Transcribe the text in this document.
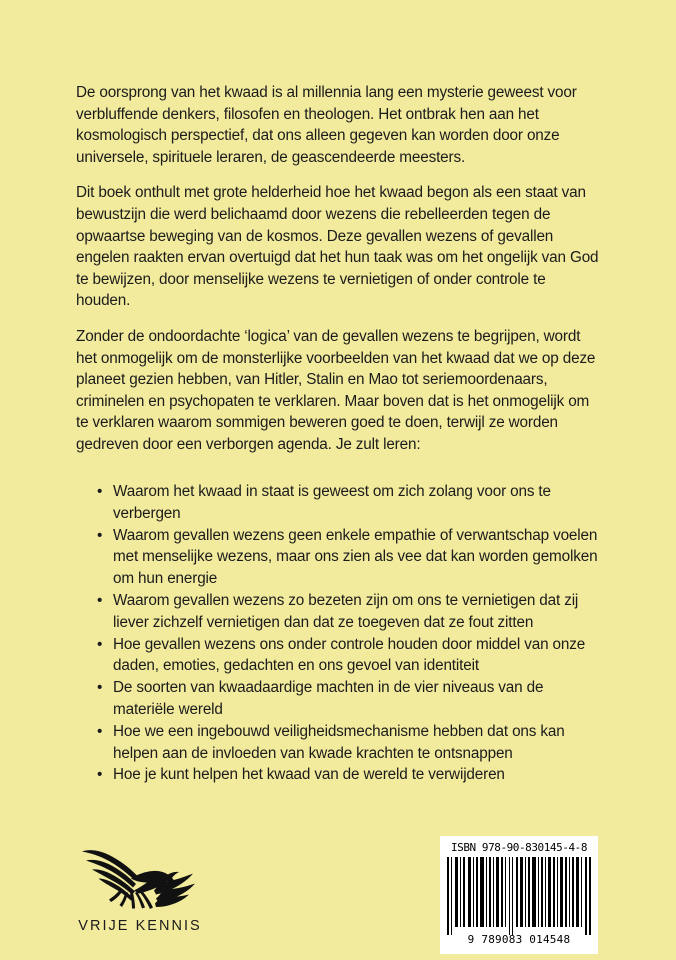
De oorsprong van het kwaad is al millennia lang een mysterie geweest voor verbluffende denkers, filosofen en theologen. Het ontbrak hen aan het kosmologisch perspectief, dat ons alleen gegeven kan worden door onze universele, spirituele leraren, de geascendeerde meesters.

Dit boek onthult met grote helderheid hoe het kwaad begon als een staat van bewustzijn die werd belichaamd door wezens die rebelleerden tegen de opwaartse beweging van de kosmos. Deze gevallen wezens of gevallen engelen raakten ervan overtuigd dat het hun taak was om het ongelijk van God te bewijzen, door menselijke wezens te vernietigen of onder controle te houden.

Zonder de ondoordachte ‘logica’ van de gevallen wezens te begrijpen, wordt het onmogelijk om de monsterlijke voorbeelden van het kwaad dat we op deze planeet gezien hebben, van Hitler, Stalin en Mao tot seriemoordenaars, criminelen en psychopaten te verklaren. Maar boven dat is het onmogelijk om te verklaren waarom sommigen beweren goed te doen, terwijl ze worden gedreven door een verborgen agenda. Je zult leren:

• Waarom het kwaad in staat is geweest om zich zolang voor ons te verbergen
• Waarom gevallen wezens geen enkele empathie of verwantschap voelen met menselijke wezens, maar ons zien als vee dat kan worden gemolken om hun energie
• Waarom gevallen wezens zo bezeten zijn om ons te vernietigen dat zij liever zichzelf vernietigen dan dat ze toegeven dat ze fout zitten
• Hoe gevallen wezens ons onder controle houden door middel van onze daden, emoties, gedachten en ons gevoel van identiteit
• De soorten van kwaadaardige machten in de vier niveaus van de materiële wereld
• Hoe we een ingebouwd veiligheidsmechanisme hebben dat ons kan helpen aan de invloeden van kwade krachten te ontsnappen
• Hoe je kunt helpen het kwaad van de wereld te verwijderen
VRIJE KENNIS
ISBN 978-90-830145-4-8
9 789083 014548
